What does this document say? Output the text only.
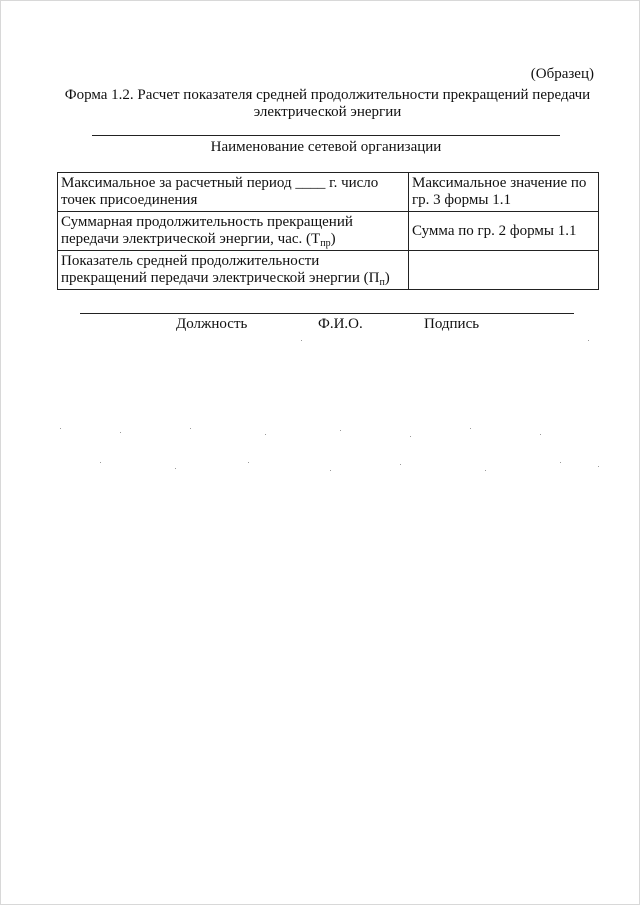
(Образец)
Форма 1.2. Расчет показателя средней продолжительности прекращений передачи электрической энергии
Наименование сетевой организации
Максимальное за расчетный период ____ г. число точек присоединения	Максимальное значение по гр. 3 формы 1.1
Суммарная продолжительность прекращений передачи электрической энергии, час. $(Т_{пр})$	Сумма по гр. 2 формы 1.1
Показатель средней продолжительности прекращений передачи электрической энергии $(П_п)$	
Должность	Ф.И.О.	Подпись
